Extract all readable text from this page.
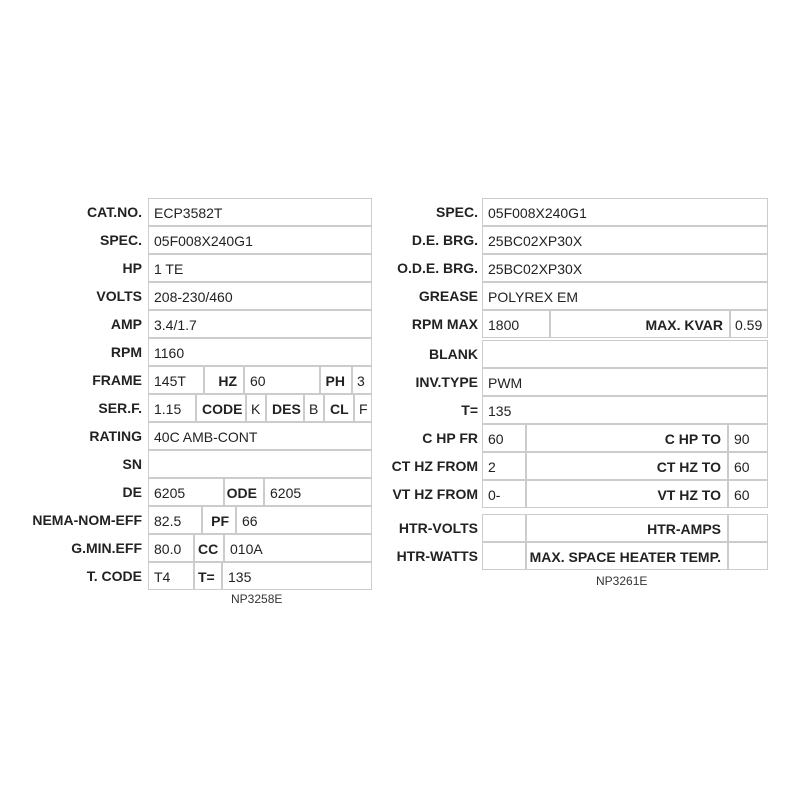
CAT.NO. ECP3582T
SPEC. 05F008X240G1
HP 1 TE
VOLTS 208-230/460
AMP 3.4/1.7
RPM 1160
FRAME 145T	HZ 60	PH 3
SER.F. 1.15	CODE K DES B CL F
RATING 40C AMB-CONT
SN
DE 6205	ODE 6205
NEMA-NOM-EFF 82.5	PF 66
G.MIN.EFF 80.0	CC 010A
T. CODE T4	T= 135
NP3258E
SPEC. 05F008X240G1
D.E. BRG. 25BC02XP30X
O.D.E. BRG. 25BC02XP30X
GREASE POLYREX EM
RPM MAX 1800	MAX. KVAR 0.59
BLANK
INV.TYPE PWM
T= 135
C HP FR 60	C HP TO 90
CT HZ FROM 2	CT HZ TO 60
VT HZ FROM 0-	VT HZ TO 60
HTR-VOLTS	HTR-AMPS
HTR-WATTS	MAX. SPACE HEATER TEMP.
NP3261E
